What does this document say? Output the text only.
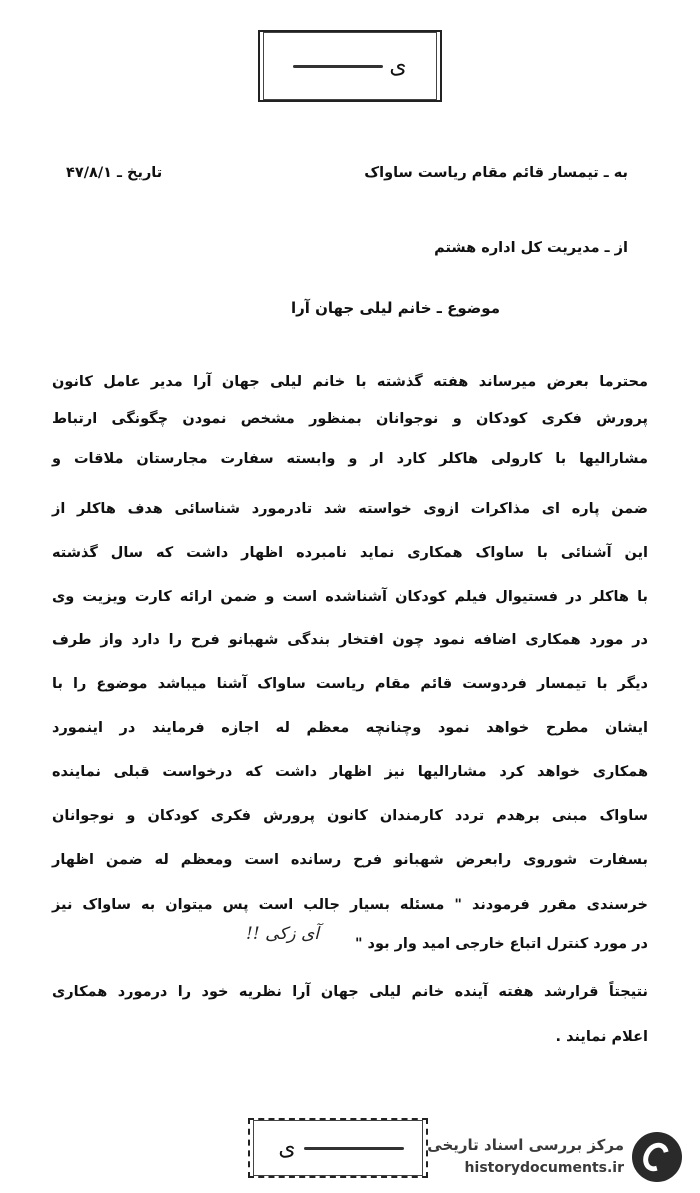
ی
به ـ تیمسار قائم مقام ریاست ساواک
تاریخ ـ ۴۷/۸/۱
از ـ مدیریت کل اداره هشتم
موضوع ـ خانم لیلی جهان آرا
محترما بعرض میرساند هفته گذشته با خانم لیلی جهان آرا مدیر عامل کانون
پرورش فکری کودکان و نوجوانان بمنظور مشخص نمودن چگونگی ارتباط
مشارالیها با کارولی هاکلر کارد ار و وابسته سفارت مجارستان ملاقات و
ضمن پاره ای مذاکرات ازوی خواسته شد تادرمورد شناسائی هدف هاکلر از
این آشنائی با ساواک همکاری نماید نامبرده اظهار داشت که سال گذشته
با هاکلر در فستیوال فیلم کودکان آشناشده است و ضمن ارائه کارت ویزیت وی
در مورد همکاری اضافه نمود چون افتخار بندگی شهبانو فرح را دارد واز طرف
دیگر با تیمسار فردوست قائم مقام ریاست ساواک آشنا میباشد موضوع را با
ایشان مطرح خواهد نمود وچنانچه معظم له اجازه فرمایند در اینمورد
همکاری خواهد کرد مشارالیها نیز اظهار داشت که درخواست قبلی نماینده
ساواک مبنی برهدم تردد کارمندان کانون پرورش فکری کودکان و نوجوانان
بسفارت شوروی رابعرض شهبانو فرح رسانده است ومعظم له ضمن اظهار
خرسندی مقرر فرمودند " مسئله بسیار جالب است پس میتوان به ساواک نیز
در مورد کنترل اتباع خارجی امید وار بود "
آی زکی !!
نتیجتاً قرارشد هفته آینده خانم لیلی جهان آرا نظریه خود را درمورد همکاری
اعلام نمایند .
ی	مرکز بررسی اسناد تاریخی
historydocuments.ir
